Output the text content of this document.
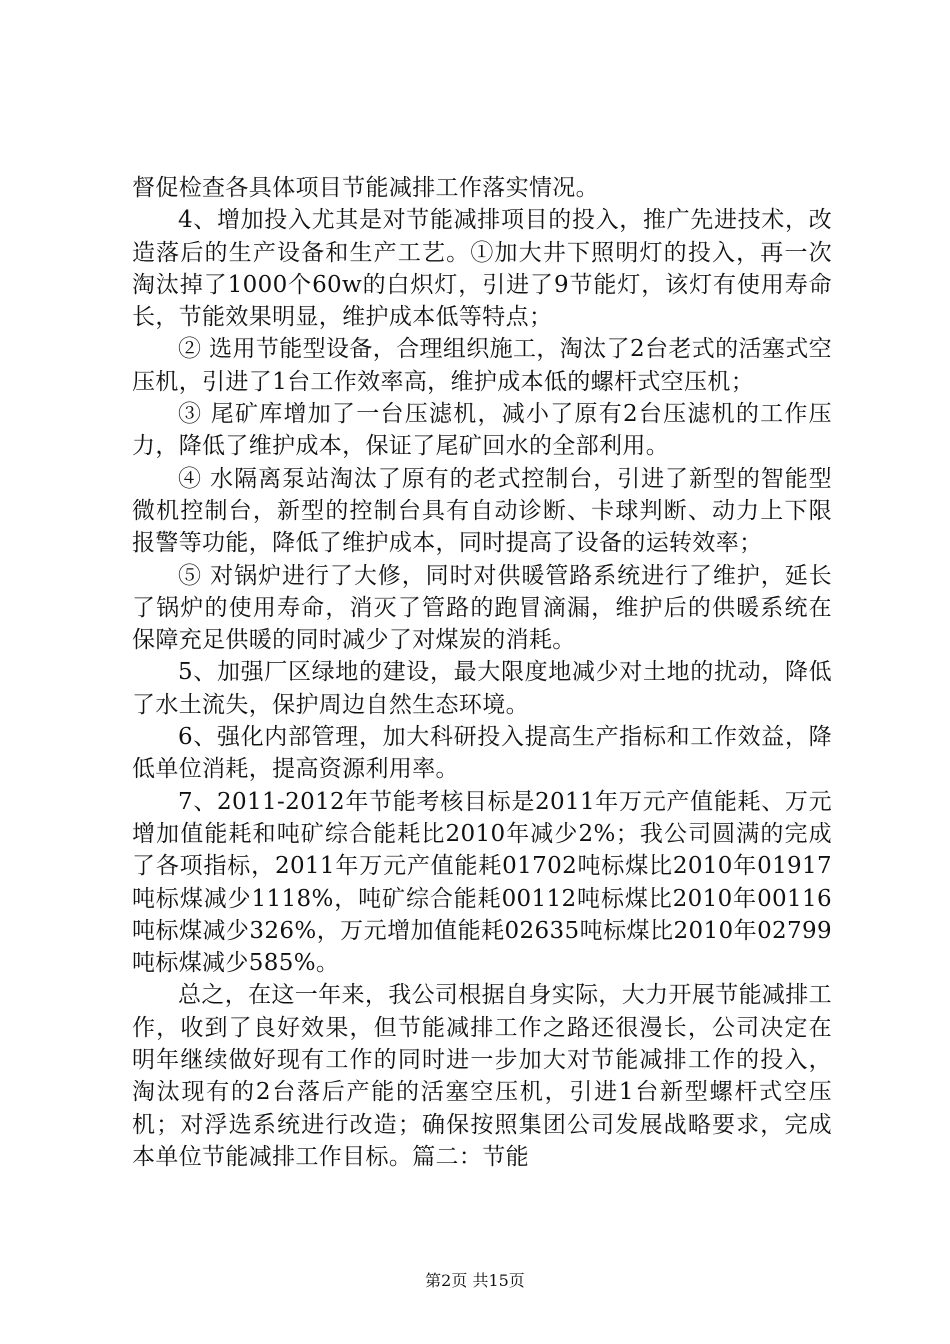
督促检查各具体项目节能减排工作落实情况。

4、增加投入尤其是对节能减排项目的投入，推广先进技术，改造落后的生产设备和生产工艺。①加大井下照明灯的投入，再一次淘汰掉了1000个60w的白炽灯，引进了9节能灯，该灯有使用寿命长，节能效果明显，维护成本低等特点；

② 选用节能型设备，合理组织施工，淘汰了2台老式的活塞式空压机，引进了1台工作效率高，维护成本低的螺杆式空压机；

③ 尾矿库增加了一台压滤机，减小了原有2台压滤机的工作压力，降低了维护成本，保证了尾矿回水的全部利用。

④ 水隔离泵站淘汰了原有的老式控制台，引进了新型的智能型微机控制台，新型的控制台具有自动诊断、卡球判断、动力上下限报警等功能，降低了维护成本，同时提高了设备的运转效率；

⑤ 对锅炉进行了大修，同时对供暖管路系统进行了维护，延长了锅炉的使用寿命，消灭了管路的跑冒滴漏，维护后的供暖系统在保障充足供暖的同时减少了对煤炭的消耗。

5、加强厂区绿地的建设，最大限度地减少对土地的扰动，降低了水土流失，保护周边自然生态环境。

6、强化内部管理，加大科研投入提高生产指标和工作效益，降低单位消耗，提高资源利用率。

7、2011-2012年节能考核目标是2011年万元产值能耗、万元增加值能耗和吨矿综合能耗比2010年减少2%；我公司圆满的完成了各项指标，2011年万元产值能耗01702吨标煤比2010年01917吨标煤减少1118%，吨矿综合能耗00112吨标煤比2010年00116吨标煤减少326%，万元增加值能耗02635吨标煤比2010年02799吨标煤减少585%。

总之，在这一年来，我公司根据自身实际，大力开展节能减排工作，收到了良好效果，但节能减排工作之路还很漫长，公司决定在明年继续做好现有工作的同时进一步加大对节能减排工作的投入，淘汰现有的2台落后产能的活塞空压机，引进1台新型螺杆式空压机；对浮选系统进行改造；确保按照集团公司发展战略要求，完成本单位节能减排工作目标。篇二：节能

第2页 共15页
